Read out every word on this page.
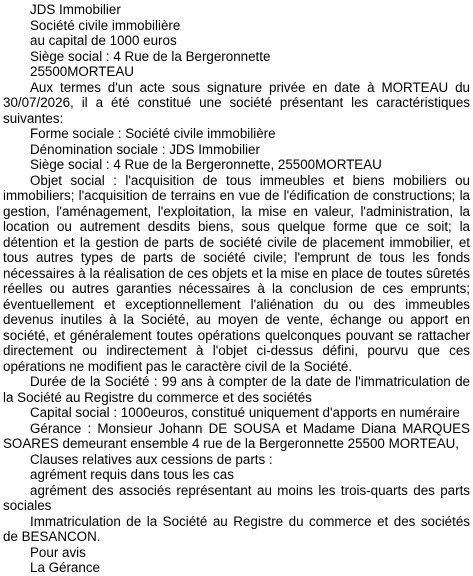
JDS Immobilier

Société civile immobilière

au capital de 1000 euros

Siège social : 4 Rue de la Bergeronnette

25500MORTEAU

Aux termes d'un acte sous signature privée en date à MORTEAU du 30/07/2026, il a été constitué une société présentant les caractéristiques suivantes:

Forme sociale : Société civile immobilière

Dénomination sociale : JDS Immobilier

Siège social : 4 Rue de la Bergeronnette, 25500MORTEAU

Objet social : l'acquisition de tous immeubles et biens mobiliers ou immobiliers; l'acquisition de terrains en vue de l'édification de constructions; la gestion, l'aménagement, l'exploitation, la mise en valeur, l'administration, la location ou autrement desdits biens, sous quelque forme que ce soit; la détention et la gestion de parts de société civile de placement immobilier, et tous autres types de parts de société civile; l'emprunt de tous les fonds nécessaires à la réalisation de ces objets et la mise en place de toutes sûretés réelles ou autres garanties nécessaires à la conclusion de ces emprunts; éventuellement et exceptionnellement l'aliénation du ou des immeubles devenus inutiles à la Société, au moyen de vente, échange ou apport en société, et généralement toutes opérations quelconques pouvant se rattacher directement ou indirectement à l'objet ci-dessus défini, pourvu que ces opérations ne modifient pas le caractère civil de la Société.

Durée de la Société : 99 ans à compter de la date de l'immatriculation de la Société au Registre du commerce et des sociétés

Capital social : 1000euros, constitué uniquement d'apports en numéraire

Gérance : Monsieur Johann DE SOUSA et Madame Diana MARQUES SOARES demeurant ensemble 4 rue de la Bergeronnette 25500 MORTEAU,

Clauses relatives aux cessions de parts :

agrément requis dans tous les cas

agrément des associés représentant au moins les trois-quarts des parts sociales

Immatriculation de la Société au Registre du commerce et des sociétés de BESANCON.

Pour avis

La Gérance
